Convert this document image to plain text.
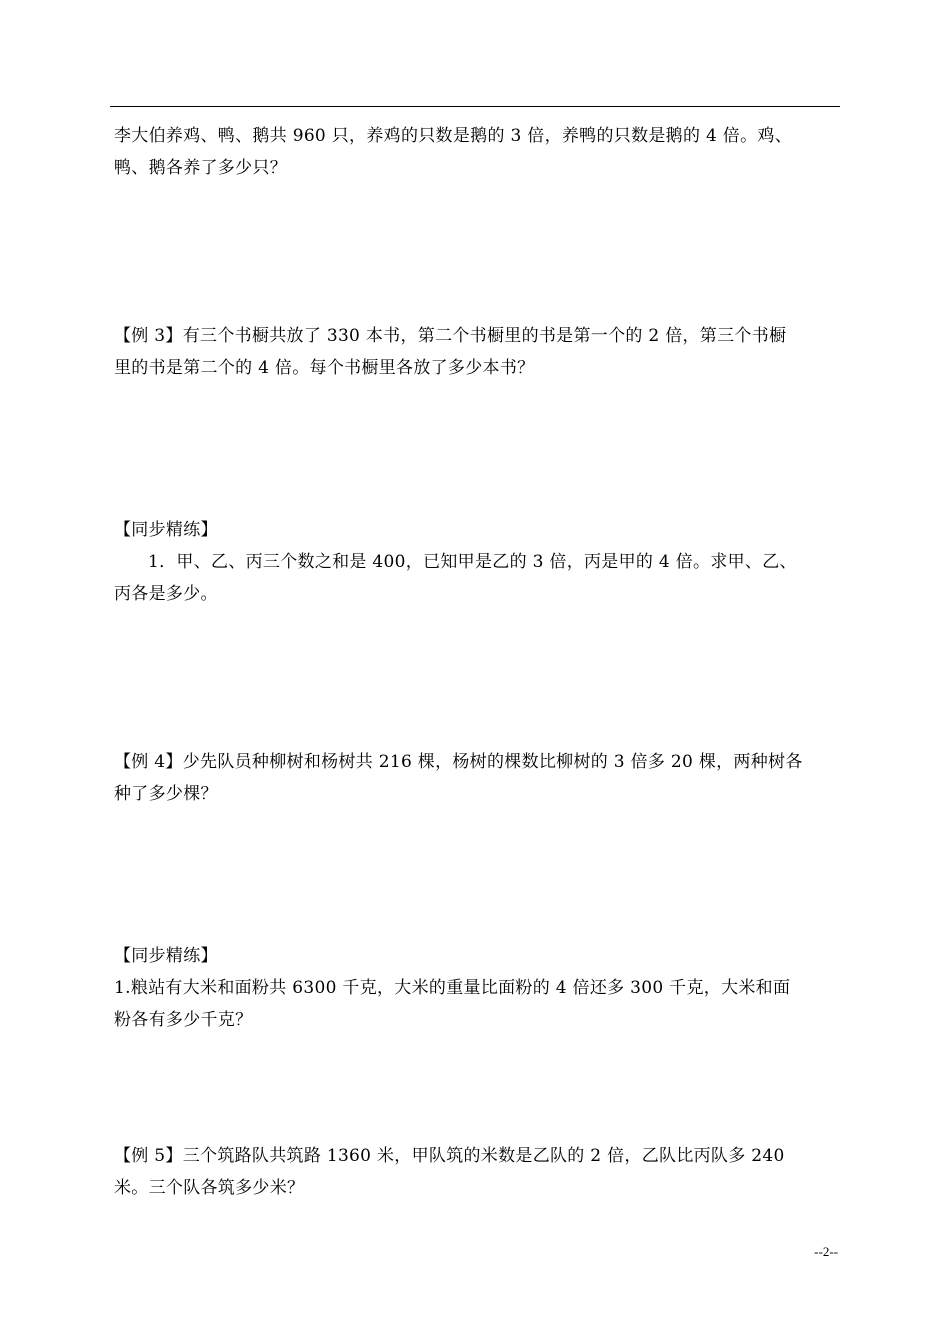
李大伯养鸡、鸭、鹅共 960 只，养鸡的只数是鹅的 3 倍，养鸭的只数是鹅的 4 倍。鸡、
鸭、鹅各养了多少只？
【例 3】有三个书橱共放了 330 本书，第二个书橱里的书是第一个的 2 倍，第三个书橱
里的书是第二个的 4 倍。每个书橱里各放了多少本书？
【同步精练】
1．甲、乙、丙三个数之和是 400，已知甲是乙的 3 倍，丙是甲的 4 倍。求甲、乙、
丙各是多少。
【例 4】少先队员种柳树和杨树共 216 棵，杨树的棵数比柳树的 3 倍多 20 棵，两种树各
种了多少棵？
【同步精练】
1.粮站有大米和面粉共 6300 千克，大米的重量比面粉的 4 倍还多 300 千克，大米和面
粉各有多少千克？
【例 5】三个筑路队共筑路 1360 米，甲队筑的米数是乙队的 2 倍，乙队比丙队多 240
米。三个队各筑多少米？
--2--
